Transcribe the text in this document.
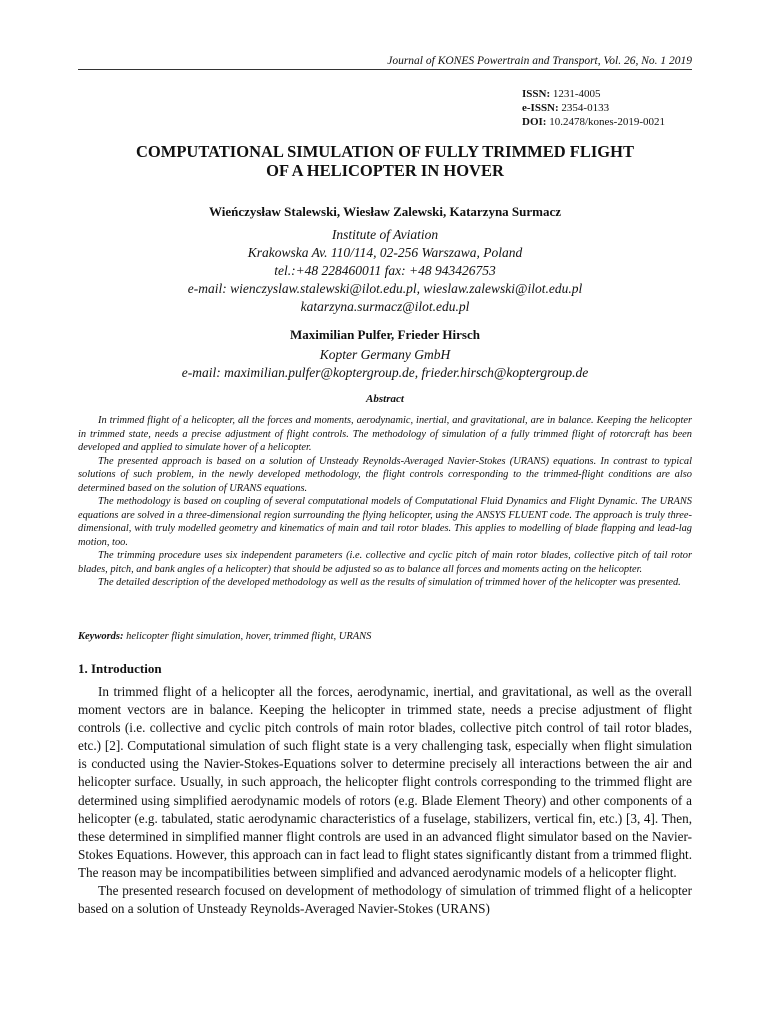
Journal of KONES Powertrain and Transport, Vol. 26, No. 1 2019
ISSN: 1231-4005
e-ISSN: 2354-0133
DOI: 10.2478/kones-2019-0021
COMPUTATIONAL SIMULATION OF FULLY TRIMMED FLIGHT
OF A HELICOPTER IN HOVER
Wieńczysław Stalewski, Wiesław Zalewski, Katarzyna Surmacz
Institute of Aviation
Krakowska Av. 110/114, 02-256 Warszawa, Poland
tel.:+48 228460011 fax: +48 943426753
e-mail: wienczyslaw.stalewski@ilot.edu.pl, wieslaw.zalewski@ilot.edu.pl
katarzyna.surmacz@ilot.edu.pl
Maximilian Pulfer, Frieder Hirsch
Kopter Germany GmbH
e-mail: maximilian.pulfer@koptergroup.de, frieder.hirsch@koptergroup.de
Abstract

In trimmed flight of a helicopter, all the forces and moments, aerodynamic, inertial, and gravitational, are in balance. Keeping the helicopter in trimmed state, needs a precise adjustment of flight controls. The methodology of simulation of a fully trimmed flight of rotorcraft has been developed and applied to simulate hover of a helicopter.

The presented approach is based on a solution of Unsteady Reynolds-Averaged Navier-Stokes (URANS) equations. In contrast to typical solutions of such problem, in the newly developed methodology, the flight controls corresponding to the trimmed-flight conditions are also determined based on the solution of URANS equations.

The methodology is based on coupling of several computational models of Computational Fluid Dynamics and Flight Dynamic. The URANS equations are solved in a three-dimensional region surrounding the flying helicopter, using the ANSYS FLUENT code. The approach is truly three-dimensional, with truly modelled geometry and kinematics of main and tail rotor blades. This applies to modelling of blade flapping and lead-lag motion, too.

The trimming procedure uses six independent parameters (i.e. collective and cyclic pitch of main rotor blades, collective pitch of tail rotor blades, pitch, and bank angles of a helicopter) that should be adjusted so as to balance all forces and moments acting on the helicopter.

The detailed description of the developed methodology as well as the results of simulation of trimmed hover of the helicopter was presented.

Keywords: helicopter flight simulation, hover, trimmed flight, URANS
1. Introduction

In trimmed flight of a helicopter all the forces, aerodynamic, inertial, and gravitational, as well as the overall moment vectors are in balance. Keeping the helicopter in trimmed state, needs a precise adjustment of flight controls (i.e. collective and cyclic pitch controls of main rotor blades, collective pitch control of tail rotor blades, etc.) [2]. Computational simulation of such flight state is a very challenging task, especially when flight simulation is conducted using the Navier-Stokes-Equations solver to determine precisely all interactions between the air and helicopter surface. Usually, in such approach, the helicopter flight controls corresponding to the trimmed flight are determined using simplified aerodynamic models of rotors (e.g. Blade Element Theory) and other components of a helicopter (e.g. tabulated, static aerodynamic characteristics of a fuselage, stabilizers, vertical fin, etc.) [3, 4]. Then, these determined in simplified manner flight controls are used in an advanced flight simulator based on the Navier-Stokes Equations. However, this approach can in fact lead to flight states significantly distant from a trimmed flight. The reason may be incompatibilities between simplified and advanced aerodynamic models of a helicopter flight.

The presented research focused on development of methodology of simulation of trimmed flight of a helicopter based on a solution of Unsteady Reynolds-Averaged Navier-Stokes (URANS)
